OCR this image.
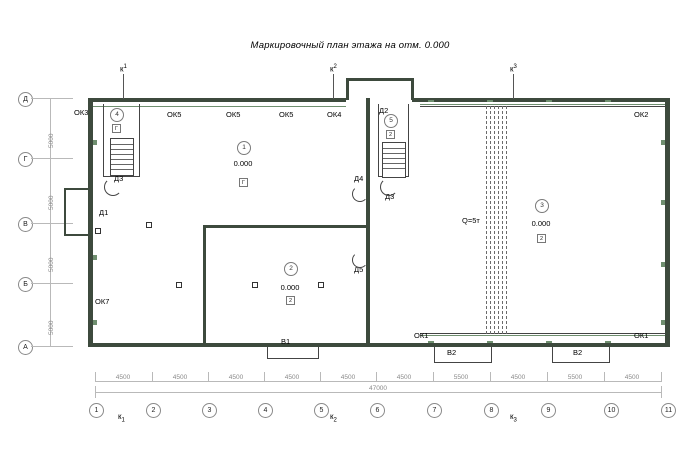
Маркировочный план этажа на отм. 0.000
Д
Г
В
Б
А
5000
5000
5000
5000
Q=5т
4
Г
5
2
1
0.000
Г
2
0.000
2
3
0.000
2
ОК3	ОК5	ОК5	ОК5	ОК4	ОК2
ОК7
ОК1	ОК1
Д3
Д1
Д2
Д4
Д3
Д5
В1
В2	В2
$к^1$	$к^2$	$к^3$
4500	4500	4500	4500	4500	4500	5500	4500	5500	4500
47000
1	2	3	4	5	6	7	8	9	10	11
$к_1$	$к_2$	$к_3$
